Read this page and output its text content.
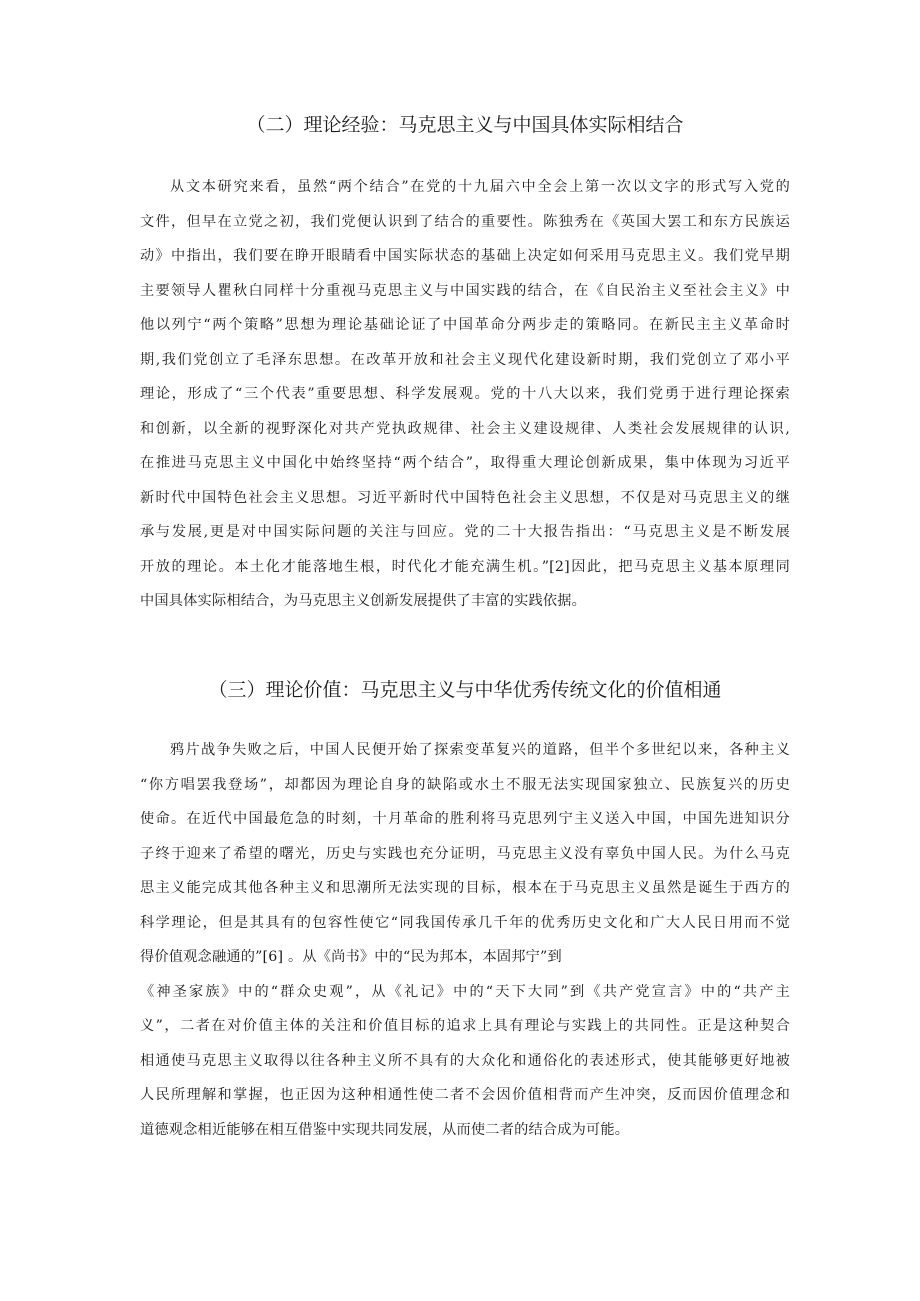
（二）理论经验：马克思主义与中国具体实际相结合
从文本研究来看，虽然“两个结合”在党的十九届六中全会上第一次以文字的形式写入党的
文件，但早在立党之初，我们党便认识到了结合的重要性。陈独秀在《英国大罢工和东方民族运
动》中指出，我们要在睁开眼睛看中国实际状态的基础上决定如何采用马克思主义。我们党早期
主要领导人瞿秋白同样十分重视马克思主义与中国实践的结合，在《自民治主义至社会主义》中
他以列宁“两个策略”思想为理论基础论证了中国革命分两步走的策略同。在新民主主义革命时
期,我们党创立了毛泽东思想。在改革开放和社会主义现代化建设新时期，我们党创立了邓小平
理论，形成了“三个代表”重要思想、科学发展观。党的十八大以来，我们党勇于进行理论探索
和创新，以全新的视野深化对共产党执政规律、社会主义建设规律、人类社会发展规律的认识,
在推进马克思主义中国化中始终坚持“两个结合”，取得重大理论创新成果，集中体现为习近平
新时代中国特色社会主义思想。习近平新时代中国特色社会主义思想，不仅是对马克思主义的继
承与发展,更是对中国实际问题的关注与回应。党的二十大报告指出：“马克思主义是不断发展
开放的理论。本土化才能落地生根，时代化才能充满生机。”[2]因此，把马克思主义基本原理同
中国具体实际相结合，为马克思主义创新发展提供了丰富的实践依据。
（三）理论价值：马克思主义与中华优秀传统文化的价值相通
鸦片战争失败之后，中国人民便开始了探索变革复兴的道路，但半个多世纪以来，各种主义
“你方唱罢我登场”，却都因为理论自身的缺陷或水土不服无法实现国家独立、民族复兴的历史
使命。在近代中国最危急的时刻，十月革命的胜利将马克思列宁主义送入中国，中国先进知识分
子终于迎来了希望的曙光，历史与实践也充分证明，马克思主义没有辜负中国人民。为什么马克
思主义能完成其他各种主义和思潮所无法实现的目标，根本在于马克思主义虽然是诞生于西方的
科学理论，但是其具有的包容性使它“同我国传承几千年的优秀历史文化和广大人民日用而不觉
得价值观念融通的”[6] 。从《尚书》中的“民为邦本，本固邦宁”到
《神圣家族》中的“群众史观”，从《礼记》中的“天下大同”到《共产党宣言》中的“共产主
义”，二者在对价值主体的关注和价值目标的追求上具有理论与实践上的共同性。正是这种契合
相通使马克思主义取得以往各种主义所不具有的大众化和通俗化的表述形式，使其能够更好地被
人民所理解和掌握，也正因为这种相通性使二者不会因价值相背而产生冲突，反而因价值理念和
道德观念相近能够在相互借鉴中实现共同发展，从而使二者的结合成为可能。
